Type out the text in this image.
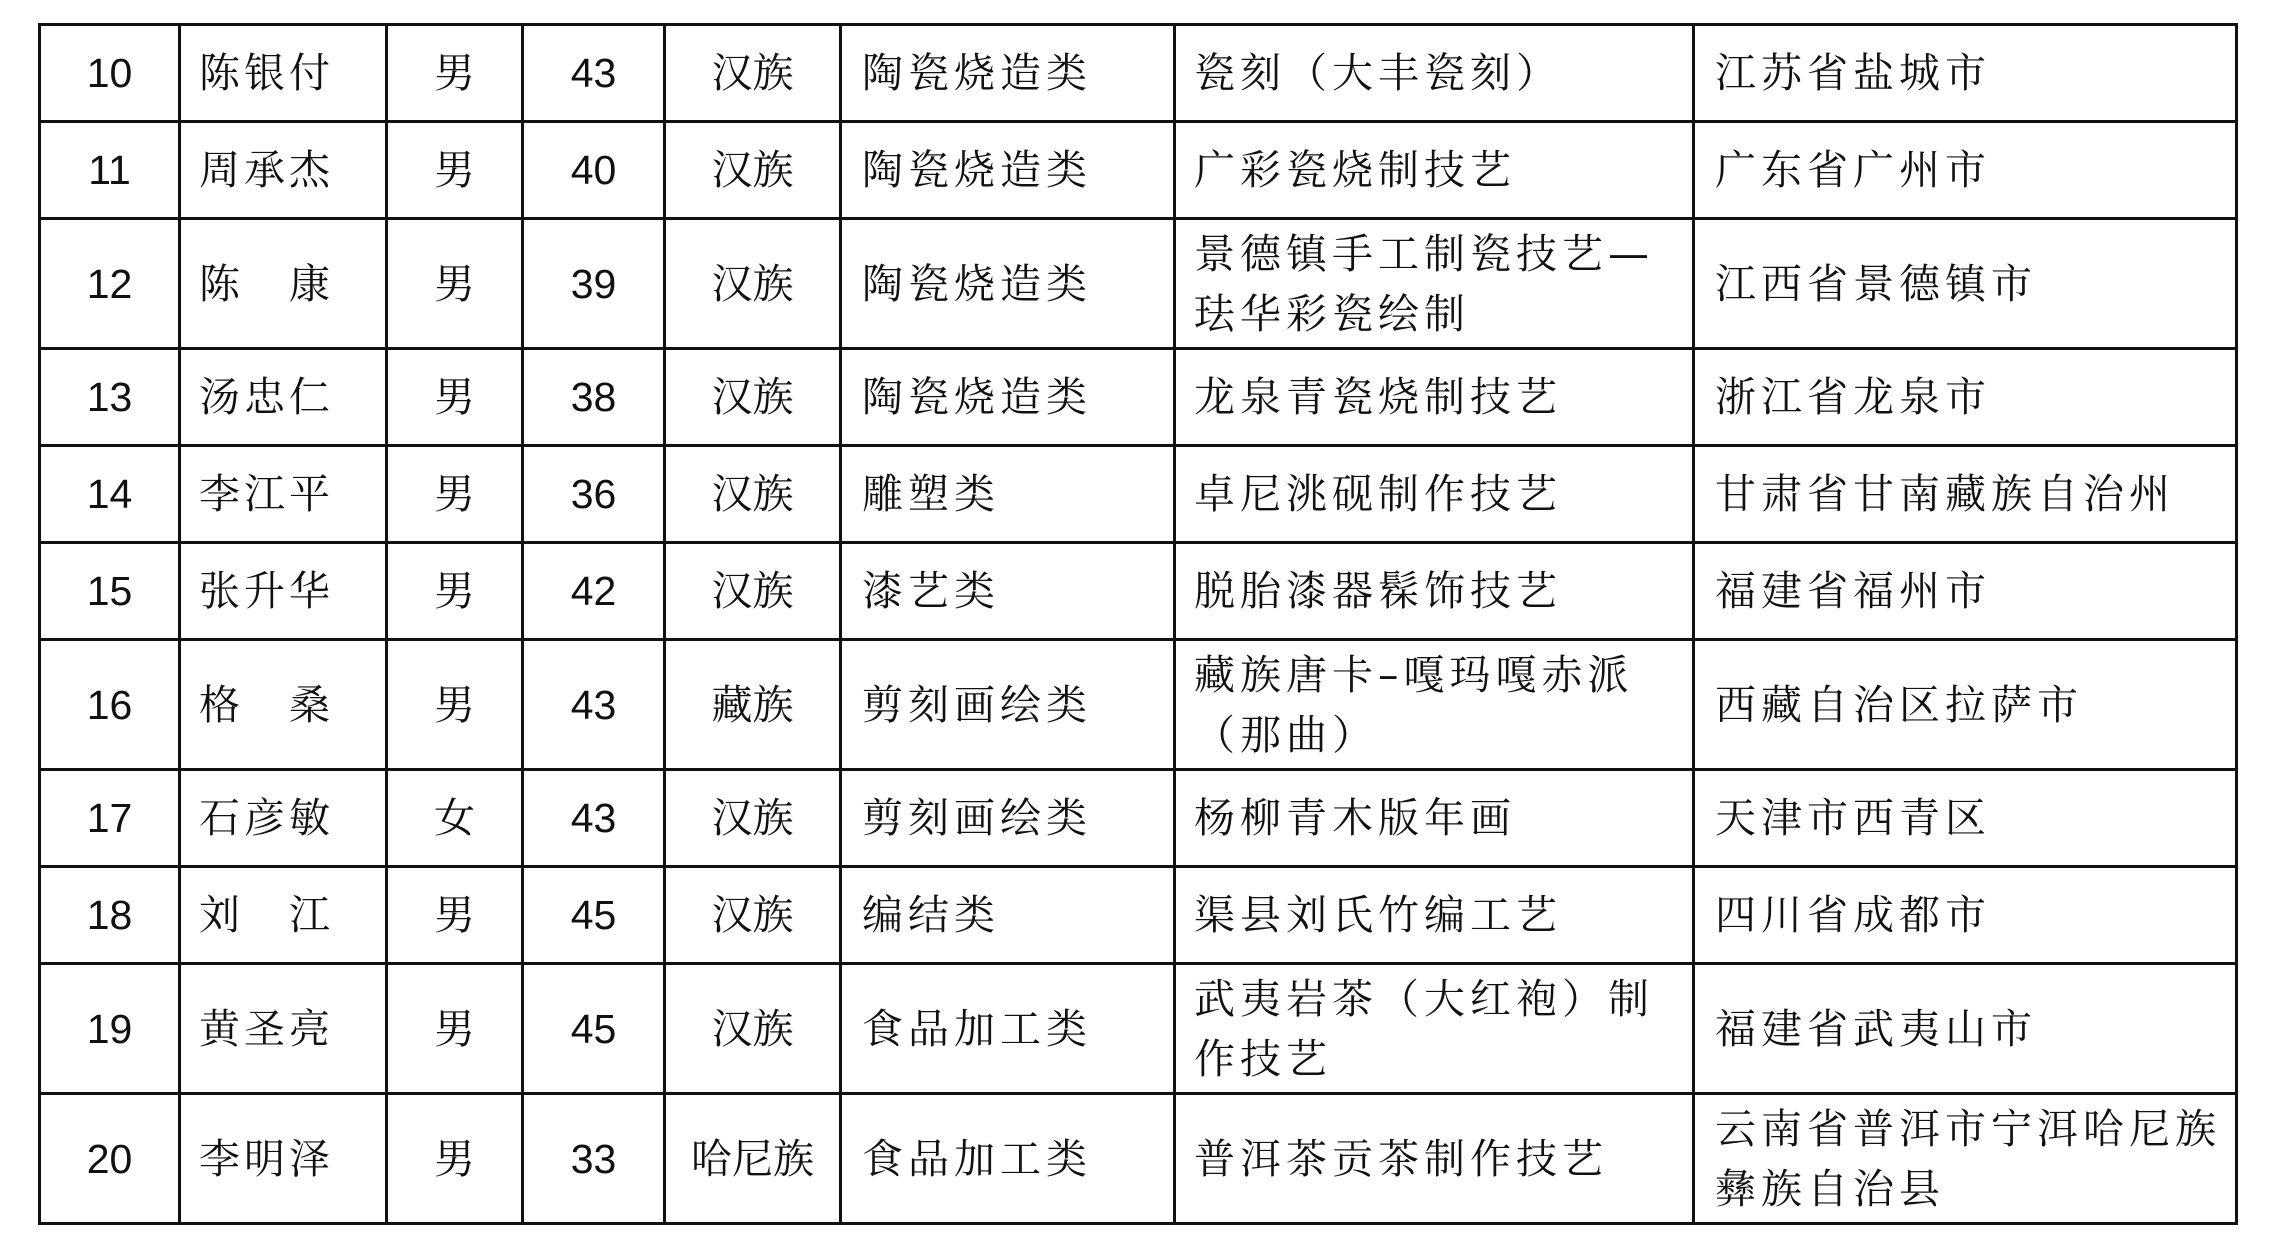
10	陈银付	男	43	汉族	陶瓷烧造类	瓷刻（大丰瓷刻）	江苏省盐城市
11	周承杰	男	40	汉族	陶瓷烧造类	广彩瓷烧制技艺	广东省广州市
12	陈　康	男	39	汉族	陶瓷烧造类	景德镇手工制瓷技艺—珐华彩瓷绘制	江西省景德镇市
13	汤忠仁	男	38	汉族	陶瓷烧造类	龙泉青瓷烧制技艺	浙江省龙泉市
14	李江平	男	36	汉族	雕塑类	卓尼洮砚制作技艺	甘肃省甘南藏族自治州
15	张升华	男	42	汉族	漆艺类	脱胎漆器髹饰技艺	福建省福州市
16	格　桑	男	43	藏族	剪刻画绘类	藏族唐卡–嘎玛嘎赤派（那曲）	西藏自治区拉萨市
17	石彦敏	女	43	汉族	剪刻画绘类	杨柳青木版年画	天津市西青区
18	刘　江	男	45	汉族	编结类	渠县刘氏竹编工艺	四川省成都市
19	黄圣亮	男	45	汉族	食品加工类	武夷岩茶（大红袍）制作技艺	福建省武夷山市
20	李明泽	男	33	哈尼族	食品加工类	普洱茶贡茶制作技艺	云南省普洱市宁洱哈尼族彝族自治县
